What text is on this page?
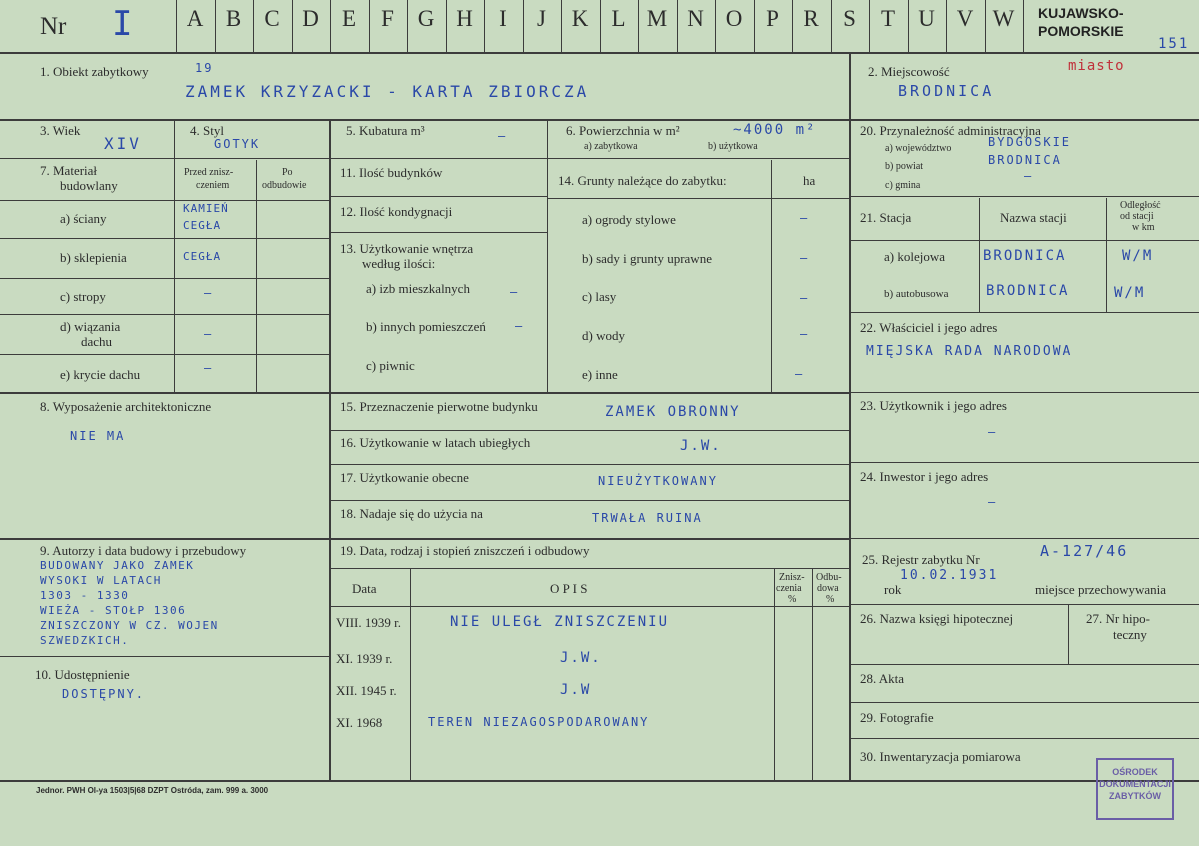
Nr I	A B	C D	E	F	G H	I	J	K	L M N O	P	R	S	T	U V W	KUJAWSKO-
POMORSKIE
151
1. Obiekt zabytkowy	19
ZAMEK KRZYZACKI - KARTA ZBIORCZA
2. Miejscowość	miasto
BRODNICA
3. Wiek
XIV
4. Styl
GOTYK
5. Kubatura m³	—	6. Powierzchnia w m²
a) zabytkowa	b) użytkowa
~4000 m²	20. Przynależność administracyjna
a) województwo	BYDGOSKIE
b) powiat	BRODNICA
c) gmina
—
7. Materiał
budowlany
Przed znisz-
czeniem
Po
odbudowie
a) ściany
KAMIEŃ
CEGŁA
b) sklepienia	CEGŁA
c) stropy	—
d) wiązania
dachu	—
e) krycie dachu	—
11. Ilość budynków
12. Ilość kondygnacji
13. Użytkowanie wnętrza
według ilości:
a) izb mieszkalnych	—
b) innych pomieszczeń —
c) piwnic
14. Grunty należące do zabytku:	ha
a) ogrody stylowe	—
b) sady i grunty uprawne	—
c) lasy	—
d) wody	—
e) inne	—
21. Stacja	Nazwa stacji
Odległość
od stacji
w km
a) kolejowa	BRODNICA	W/M
b) autobusowa	BRODNICA	W/M
22. Właściciel i jego adres
MIĘJSKA RADA NARODOWA
8. Wyposażenie architektoniczne
NIE MA
15. Przeznaczenie pierwotne budynku	ZAMEK OBRONNY
16. Użytkowanie w latach ubiegłych	J.W.
17. Użytkowanie obecne	NIEUŻYTKOWANY
18. Nadaje się do użycia na	TRWAŁA RUINA
23. Użytkownik i jego adres
—
24. Inwestor i jego adres
—
9. Autorzy i data budowy i przebudowy
BUDOWANY JAKO ZAMEK
WYSOKI W LATACH
1303 - 1330
WIEŻA - STOŁP 1306
ZNISZCZONY W CZ. WOJEN
SZWEDZKICH.
10. Udostępnienie
DOSTĘPNY.
19. Data, rodzaj i stopień zniszczeń i odbudowy
Data	O P I S
Znisz-
czenia
%
Odbu-
dowa
%
VIII. 1939 r.	NIE ULEGŁ ZNISZCZENIU
XI. 1939 r.	J.W.
XII. 1945 r.	J.W
XI. 1968	TEREN NIEZAGOSPODAROWANY
25. Rejestr zabytku Nr	A-127/46
10.02.1931
rok	miejsce przechowywania
26. Nazwa księgi hipotecznej	27. Nr hipo-
teczny
28. Akta
29. Fotografie
30. Inwentaryzacja pomiarowa
Jednor. PWH Ol-ya 1503|5|68 DZPT Ostróda, zam. 999 a. 3000
OŚRODEK
DOKUMENTACJI
ZABYTKÓW
